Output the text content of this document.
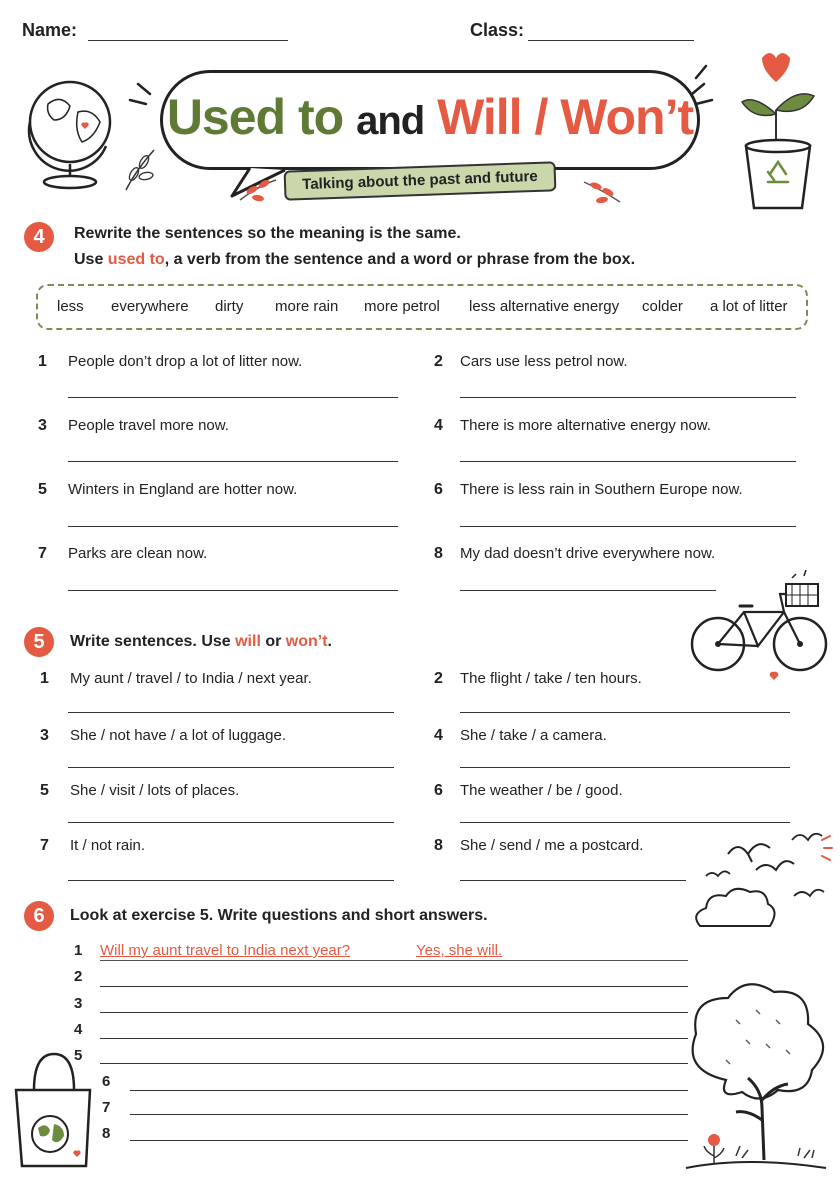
Name:	Class:
Used to and Will / Won’t
Talking about the past and future
4	Rewrite the sentences so the meaning is the same.
Use used to, a verb from the sentence and a word or phrase from the box.
less everywhere dirty more rain more petrol less alternative energy colder a lot of litter
1 People don’t drop a lot of litter now.	2 Cars use less petrol now.
3 People travel more now.	4 There is more alternative energy now.
5 Winters in England are hotter now.	6 There is less rain in Southern Europe now.
7 Parks are clean now.	8 My dad doesn’t drive everywhere now.
5	Write sentences. Use will or won’t.
1 My aunt / travel / to India / next year.	2 The flight / take / ten hours.
3 She / not have / a lot of luggage.	4 She / take / a camera.
5 She / visit / lots of places.	6 The weather / be / good.
7 It / not rain.	8 She / send / me a postcard.
6	Look at exercise 5. Write questions and short answers.
1 Will my aunt travel to India next year?	Yes, she will.
2
3
4
5
6
7
8
